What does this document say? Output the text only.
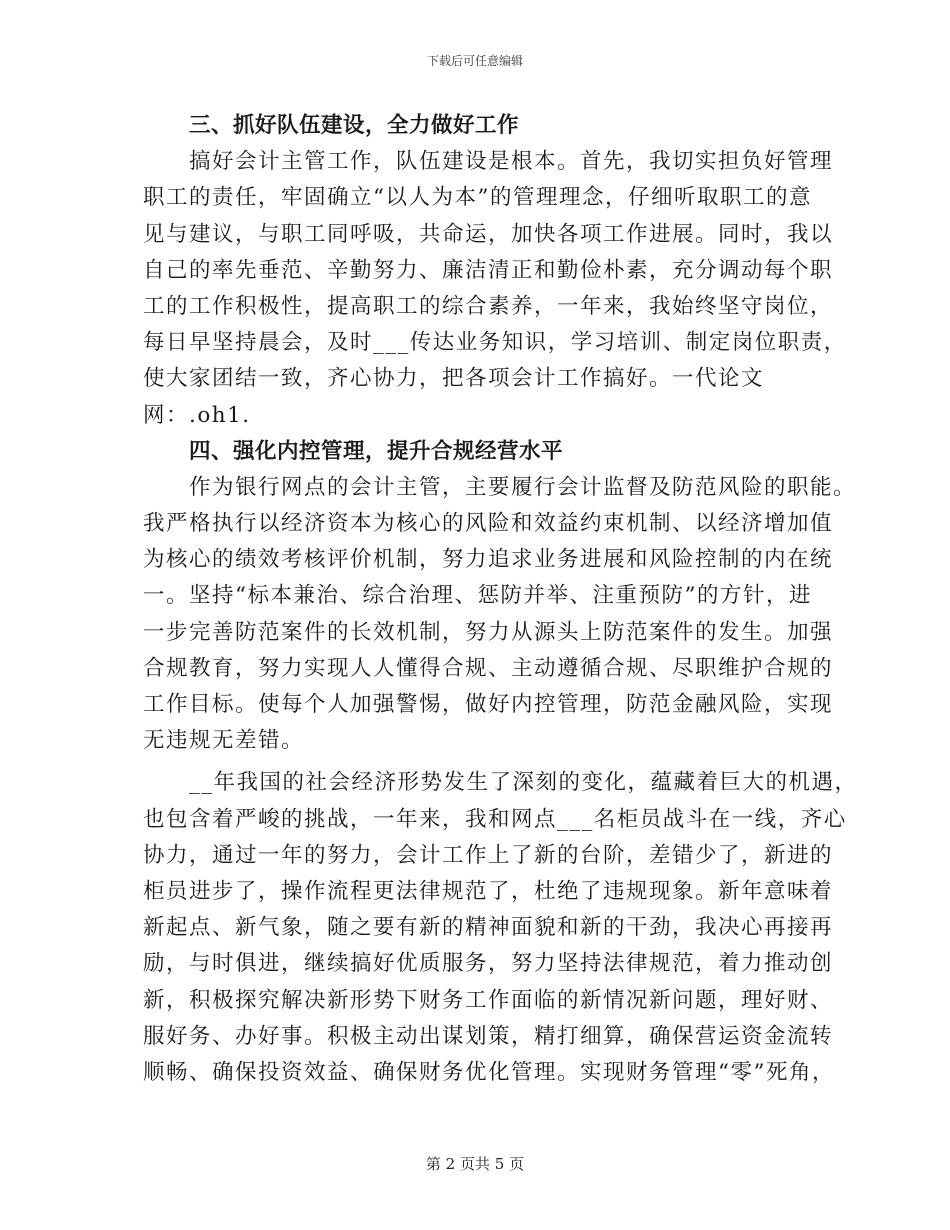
下载后可任意编辑
三、抓好队伍建设，全力做好工作
搞好会计主管工作，队伍建设是根本。首先，我切实担负好管理
职工的责任，牢固确立“以人为本”的管理理念，仔细听取职工的意
见与建议，与职工同呼吸，共命运，加快各项工作进展。同时，我以
自己的率先垂范、辛勤努力、廉洁清正和勤俭朴素，充分调动每个职
工的工作积极性，提高职工的综合素养，一年来，我始终坚守岗位，
每日早坚持晨会，及时___传达业务知识，学习培训、制定岗位职责，
使大家团结一致，齐心协力，把各项会计工作搞好。一代论文
网：.oh1.
四、强化内控管理，提升合规经营水平
作为银行网点的会计主管，主要履行会计监督及防范风险的职能。
我严格执行以经济资本为核心的风险和效益约束机制、以经济增加值
为核心的绩效考核评价机制，努力追求业务进展和风险控制的内在统
一。坚持“标本兼治、综合治理、惩防并举、注重预防”的方针，进
一步完善防范案件的长效机制，努力从源头上防范案件的发生。加强
合规教育，努力实现人人懂得合规、主动遵循合规、尽职维护合规的
工作目标。使每个人加强警惕，做好内控管理，防范金融风险，实现
无违规无差错。
__年我国的社会经济形势发生了深刻的变化，蕴藏着巨大的机遇，
也包含着严峻的挑战，一年来，我和网点___名柜员战斗在一线，齐心
协力，通过一年的努力，会计工作上了新的台阶，差错少了，新进的
柜员进步了，操作流程更法律规范了，杜绝了违规现象。新年意味着
新起点、新气象，随之要有新的精神面貌和新的干劲，我决心再接再
励，与时俱进，继续搞好优质服务，努力坚持法律规范，着力推动创
新，积极探究解决新形势下财务工作面临的新情况新问题，理好财、
服好务、办好事。积极主动出谋划策，精打细算，确保营运资金流转
顺畅、确保投资效益、确保财务优化管理。实现财务管理“零”死角，
第 2 页共 5 页
